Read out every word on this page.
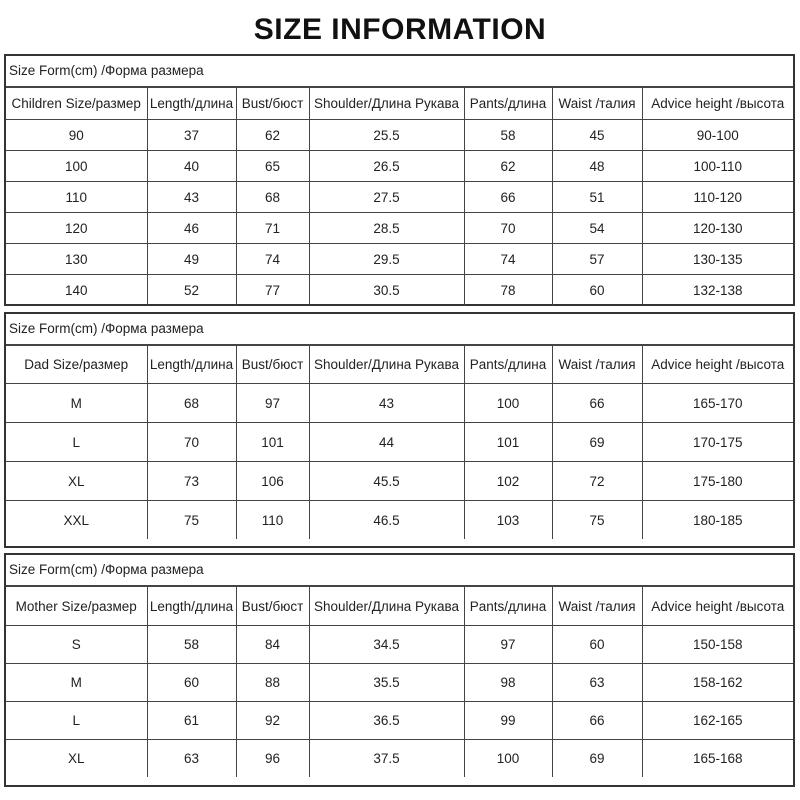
SIZE INFORMATION
Size Form(cm) /Форма размера
Children Size/размер	Length/длина	Bust/бюст	Shoulder/Длина Рукава	Pants/длина	Waist /талия	Advice height /высота
90	37	62	25.5	58	45	90-100
100	40	65	26.5	62	48	100-110
110	43	68	27.5	66	51	110-120
120	46	71	28.5	70	54	120-130
130	49	74	29.5	74	57	130-135
140	52	77	30.5	78	60	132-138
Size Form(cm) /Форма размера
Dad Size/размер	Length/длина	Bust/бюст	Shoulder/Длина Рукава	Pants/длина	Waist /талия	Advice height /высота
M	68	97	43	100	66	165-170
L	70	101	44	101	69	170-175
XL	73	106	45.5	102	72	175-180
XXL	75	110	46.5	103	75	180-185
Size Form(cm) /Форма размера
Mother Size/размер	Length/длина	Bust/бюст	Shoulder/Длина Рукава	Pants/длина	Waist /талия	Advice height /высота
S	58	84	34.5	97	60	150-158
M	60	88	35.5	98	63	158-162
L	61	92	36.5	99	66	162-165
XL	63	96	37.5	100	69	165-168
